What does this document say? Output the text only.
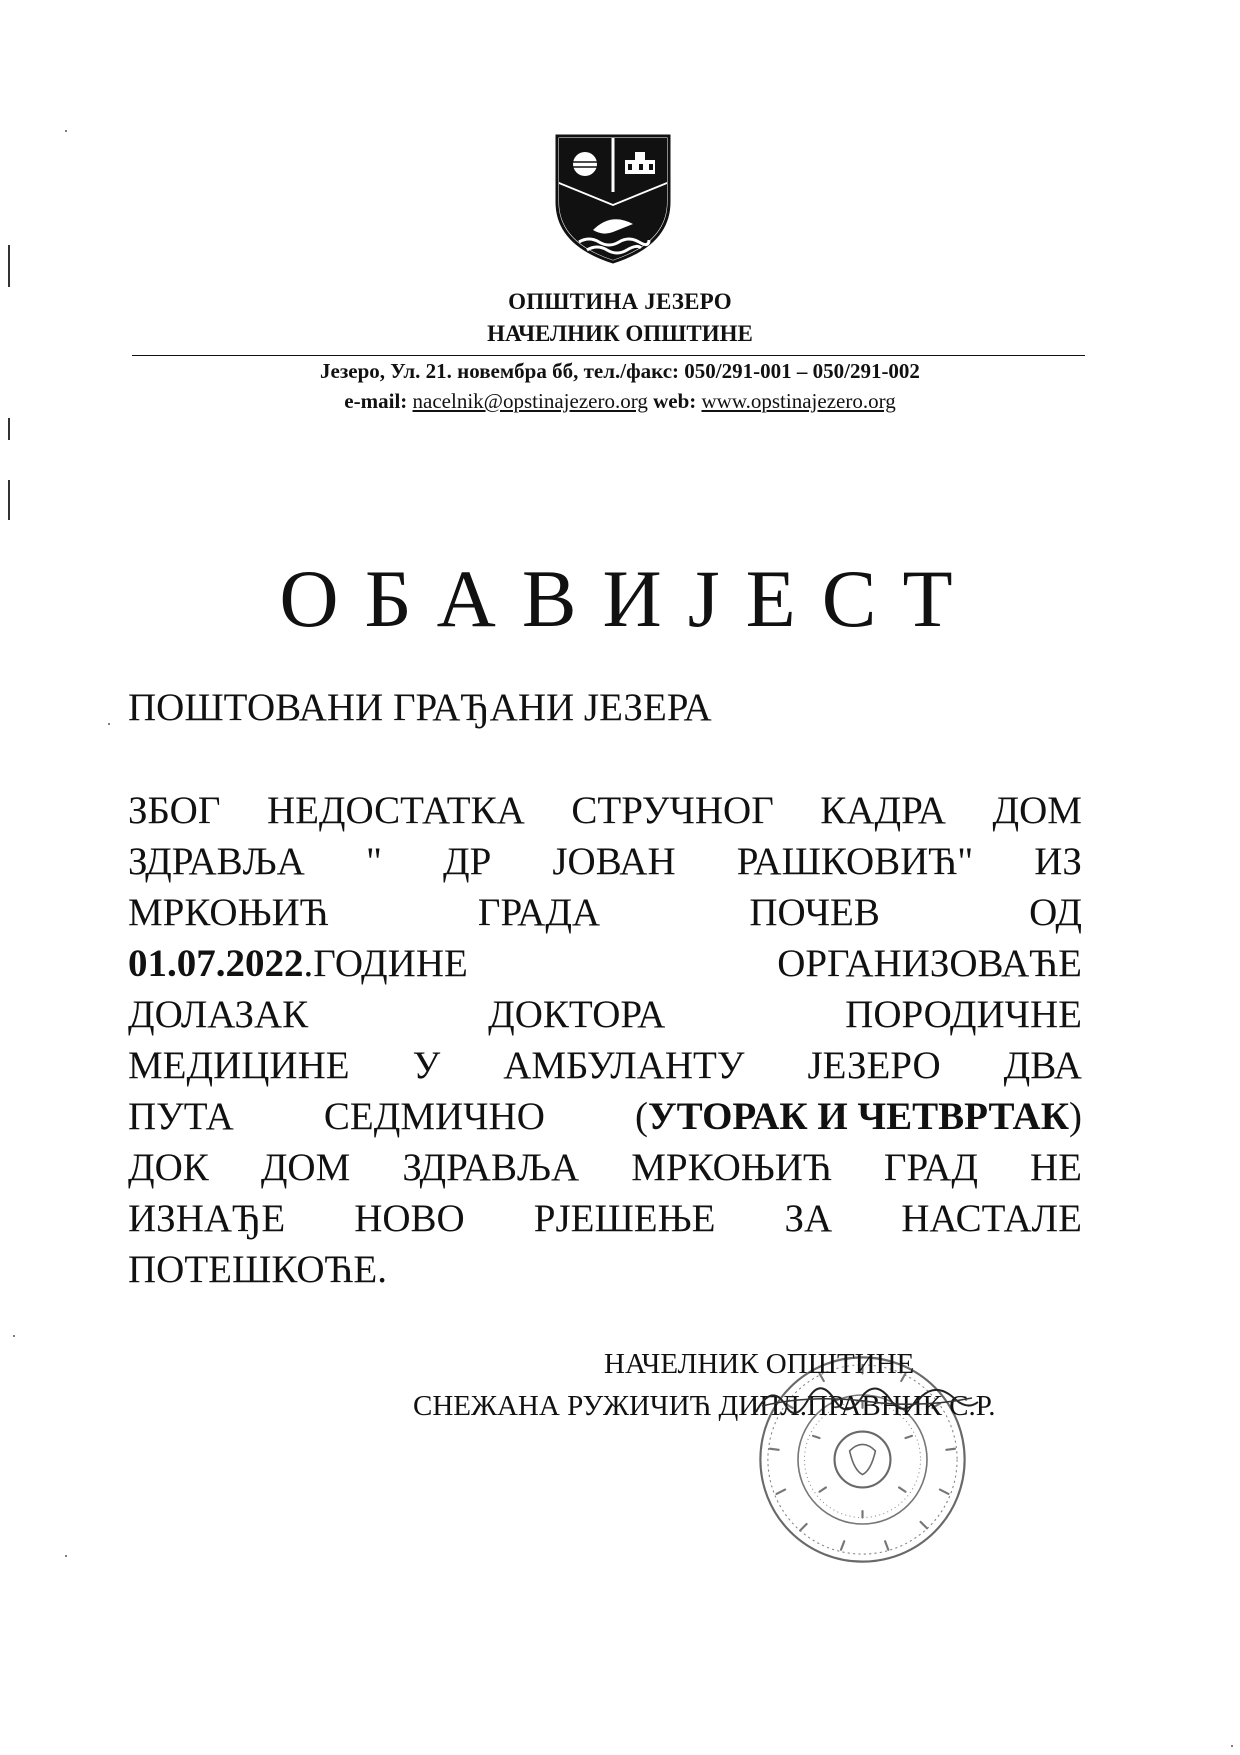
ОПШТИНА ЈЕЗЕРО
НАЧЕЛНИК ОПШТИНЕ
Језеро, Ул. 21. новембра бб, тел./факс: 050/291-001 – 050/291-002
e-mail: nacelnik@opstinajezero.org web: www.opstinajezero.org
ОБАВИЈЕСТ
ПОШТОВАНИ ГРАЂАНИ ЈЕЗЕРА
ЗБОГ НЕДОСТАТКА СТРУЧНОГ КАДРА ДОМ
ЗДРАВЉА " ДР ЈОВАН РАШКОВИЋ" ИЗ
МРКОЊИЋ	ГРАДА	ПОЧЕВ	ОД
01.07.2022.ГОДИНЕ	ОРГАНИЗОВАЋЕ
ДОЛАЗАК	ДОКТОРА	ПОРОДИЧНЕ
МЕДИЦИНЕ У АМБУЛАНТУ ЈЕЗЕРО ДВА
ПУТА СЕДМИЧНО (УТОРАК И ЧЕТВРТАК)
ДОК ДОМ ЗДРАВЉА МРКОЊИЋ ГРАД НЕ
ИЗНАЂЕ НОВО РЈЕШЕЊЕ ЗА НАСТАЛЕ
ПОТЕШКОЋЕ.
НАЧЕЛНИК ОПШТИНЕ
СНЕЖАНА РУЖИЧИЋ ДИПЛ.ПРАВНИК С.Р.
